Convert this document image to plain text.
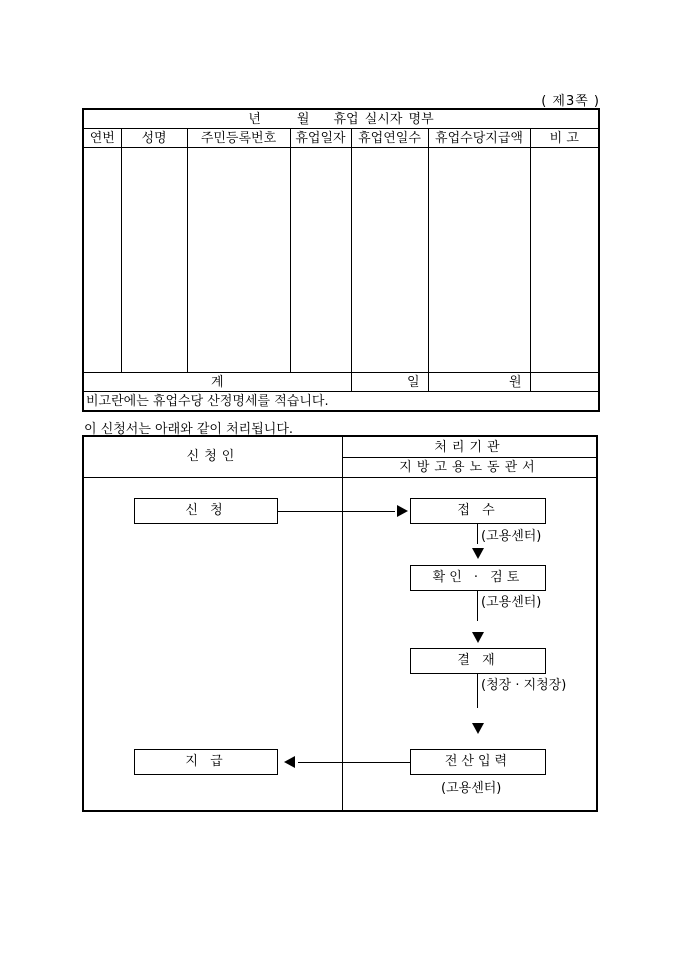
( 제3쪽 )
년 월 휴업 실시자 명부						
연번	성명	주민등록번호	휴업일자	휴업연일수	휴업수당지급액	비 고

계				일	원	
비고란에는 휴업수당 산정명세를 적습니다.						
이 신청서는 아래와 같이 처리됩니다.
신청인
처리기관
지방고용노동관서
신 청	접 수
(고용센터)
확인 · 검토
(고용센터)
결 재
(청장 · 지청장)
전산입력
(고용센터)
지 급
